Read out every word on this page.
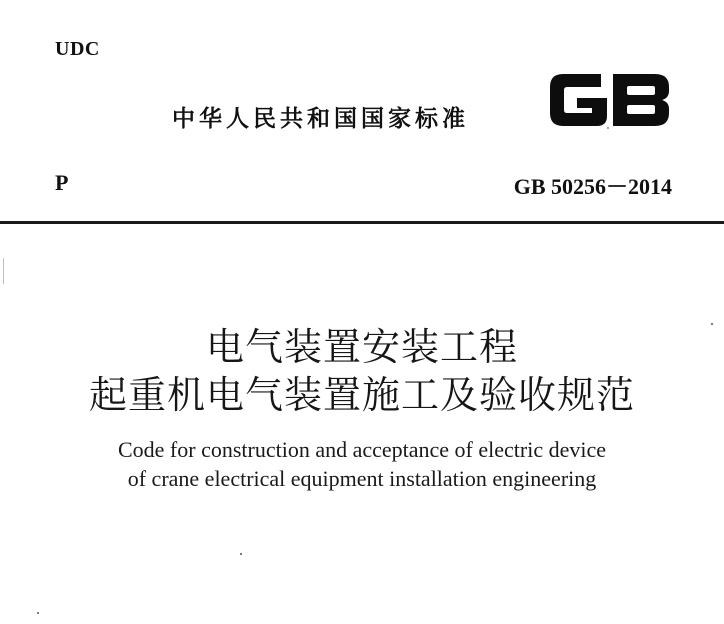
UDC
中华人民共和国国家标准
P	GB 50256－2014
电气装置安装工程
起重机电气装置施工及验收规范
Code for construction and acceptance of electric device
of crane electrical equipment installation engineering
